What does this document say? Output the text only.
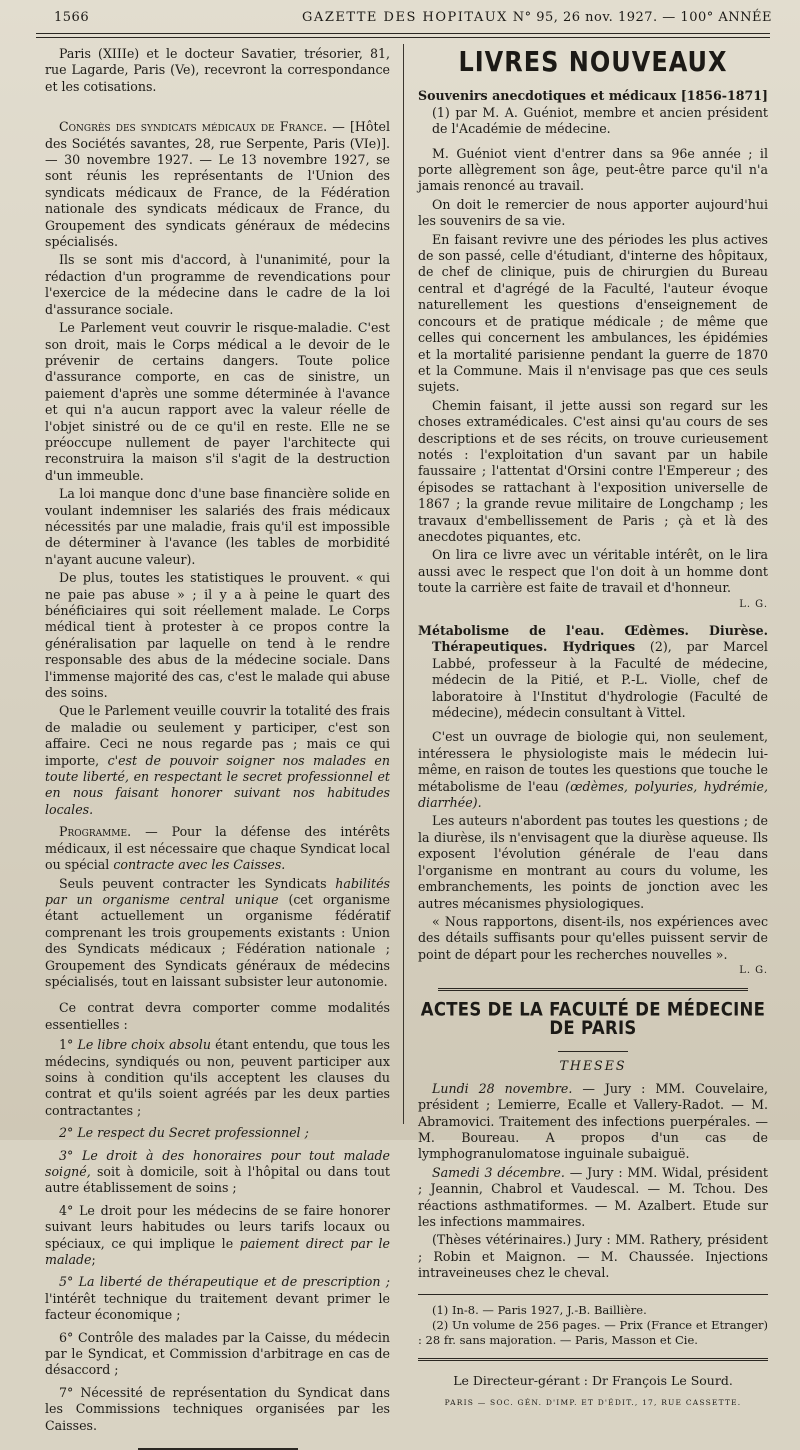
1566	GAZETTE DES HOPITAUX N° 95, 26 nov. 1927. — 100° ANNÉE

Paris (XIIIe) et le docteur Savatier, trésorier, 81, rue Lagarde, Paris (Ve), recevront la correspondance et les cotisations.

Congrès des syndicats médicaux de France. — [Hôtel des Sociétés savantes, 28, rue Serpente, Paris (VIe)]. — 30 novembre 1927. — Le 13 novembre 1927, se sont réunis les représentants de l'Union des syndicats médicaux de France, de la Fédération nationale des syndicats médicaux de France, du Groupement des syndicats généraux de médecins spécialisés.

Ils se sont mis d'accord, à l'unanimité, pour la rédaction d'un programme de revendications pour l'exercice de la médecine dans le cadre de la loi d'assurance sociale.

Le Parlement veut couvrir le risque-maladie. C'est son droit, mais le Corps médical a le devoir de le prévenir de certains dangers. Toute police d'assurance comporte, en cas de sinistre, un paiement d'après une somme déterminée à l'avance et qui n'a aucun rapport avec la valeur réelle de l'objet sinistré ou de ce qu'il en reste. Elle ne se préoccupe nullement de payer l'architecte qui reconstruira la maison s'il s'agit de la destruction d'un immeuble.

La loi manque donc d'une base financière solide en voulant indemniser les salariés des frais médicaux nécessités par une maladie, frais qu'il est impossible de déterminer à l'avance (les tables de morbidité n'ayant aucune valeur).

De plus, toutes les statistiques le prouvent. « qui ne paie pas abuse » ; il y a à peine le quart des bénéficiaires qui soit réellement malade. Le Corps médical tient à protester à ce propos contre la généralisation par laquelle on tend à le rendre responsable des abus de la médecine sociale. Dans l'immense majorité des cas, c'est le malade qui abuse des soins.

Que le Parlement veuille couvrir la totalité des frais de maladie ou seulement y participer, c'est son affaire. Ceci ne nous regarde pas ; mais ce qui importe, c'est de pouvoir soigner nos malades en toute liberté, en respectant le secret professionnel et en nous faisant honorer suivant nos habitudes locales.

Programme. — Pour la défense des intérêts médicaux, il est nécessaire que chaque Syndicat local ou spécial contracte avec les Caisses.

Seuls peuvent contracter les Syndicats habilités par un organisme central unique (cet organisme étant actuellement un organisme fédératif comprenant les trois groupements existants : Union des Syndicats médicaux ; Fédération nationale ; Groupement des Syndicats généraux de médecins spécialisés, tout en laissant subsister leur autonomie.

Ce contrat devra comporter comme modalités essentielles :

1° Le libre choix absolu étant entendu, que tous les médecins, syndiqués ou non, peuvent participer aux soins à condition qu'ils acceptent les clauses du contrat et qu'ils soient agréés par les deux parties contractantes ;

2° Le respect du Secret professionnel ;

3° Le droit à des honoraires pour tout malade soigné, soit à domicile, soit à l'hôpital ou dans tout autre établissement de soins ;

4° Le droit pour les médecins de se faire honorer suivant leurs habitudes ou leurs tarifs locaux ou spéciaux, ce qui implique le paiement direct par le malade;

5° La liberté de thérapeutique et de prescription ; l'intérêt technique du traitement devant primer le facteur économique ;

6° Contrôle des malades par la Caisse, du médecin par le Syndicat, et Commission d'arbitrage en cas de désaccord ;

7° Nécessité de représentation du Syndicat dans les Commissions techniques organisées par les Caisses.

LIVRES NOUVEAUX

Souvenirs anecdotiques et médicaux [1856-1871] (1) par M. A. Guéniot, membre et ancien président de l'Académie de médecine.

M. Guéniot vient d'entrer dans sa 96e année ; il porte allègrement son âge, peut-être parce qu'il n'a jamais renoncé au travail.

On doit le remercier de nous apporter aujourd'hui les souvenirs de sa vie.

En faisant revivre une des périodes les plus actives de son passé, celle d'étudiant, d'interne des hôpitaux, de chef de clinique, puis de chirurgien du Bureau central et d'agrégé de la Faculté, l'auteur évoque naturellement les questions d'enseignement de concours et de pratique médicale ; de même que celles qui concernent les ambulances, les épidémies et la mortalité parisienne pendant la guerre de 1870 et la Commune. Mais il n'envisage pas que ces seuls sujets.

Chemin faisant, il jette aussi son regard sur les choses extramédicales. C'est ainsi qu'au cours de ses descriptions et de ses récits, on trouve curieusement notés : l'exploitation d'un savant par un habile faussaire ; l'attentat d'Orsini contre l'Empereur ; des épisodes se rattachant à l'exposition universelle de 1867 ; la grande revue militaire de Longchamp ; les travaux d'embellissement de Paris ; çà et là des anecdotes piquantes, etc.

On lira ce livre avec un véritable intérêt, on le lira aussi avec le respect que l'on doit à un homme dont toute la carrière est faite de travail et d'honneur.

L. G.

Métabolisme de l'eau. Œdèmes. Diurèse. Thérapeutiques. Hydriques (2), par Marcel Labbé, professeur à la Faculté de médecine, médecin de la Pitié, et P.-L. Violle, chef de laboratoire à l'Institut d'hydrologie (Faculté de médecine), médecin consultant à Vittel.

C'est un ouvrage de biologie qui, non seulement, intéressera le physiologiste mais le médecin lui-même, en raison de toutes les questions que touche le métabolisme de l'eau (œdèmes, polyuries, hydrémie, diarrhée).

Les auteurs n'abordent pas toutes les questions ; de la diurèse, ils n'envisagent que la diurèse aqueuse. Ils exposent l'évolution générale de l'eau dans l'organisme en montrant au cours du volume, les embranchements, les points de jonction avec les autres mécanismes physiologiques.

« Nous rapportons, disent-ils, nos expériences avec des détails suffisants pour qu'elles puissent servir de point de départ pour les recherches nouvelles ».

L. G.
ACTES DE LA FACULTÉ DE MÉDECINE DE PARIS
THESES

Lundi 28 novembre. — Jury : MM. Couvelaire, président ; Lemierre, Ecalle et Vallery-Radot. — M. Abramovici. Traitement des infections puerpérales. — M. Boureau. A propos d'un cas de lymphogranulomatose inguinale subaiguë.

Samedi 3 décembre. — Jury : MM. Widal, président ; Jeannin, Chabrol et Vaudescal. — M. Tchou. Des réactions asthmatiformes. — M. Azalbert. Etude sur les infections mammaires.

(Thèses vétérinaires.) Jury : MM. Rathery, président ; Robin et Maignon. — M. Chaussée. Injections intraveineuses chez le cheval.

(1) In-8. — Paris 1927, J.-B. Baillière.

(2) Un volume de 256 pages. — Prix (France et Etranger) : 28 fr. sans majoration. — Paris, Masson et Cie.

Le Directeur-gérant : Dr François Le Sourd.
PARIS — SOC. GÉN. D'IMP. ET D'ÉDIT., 17, RUE CASSETTE.
